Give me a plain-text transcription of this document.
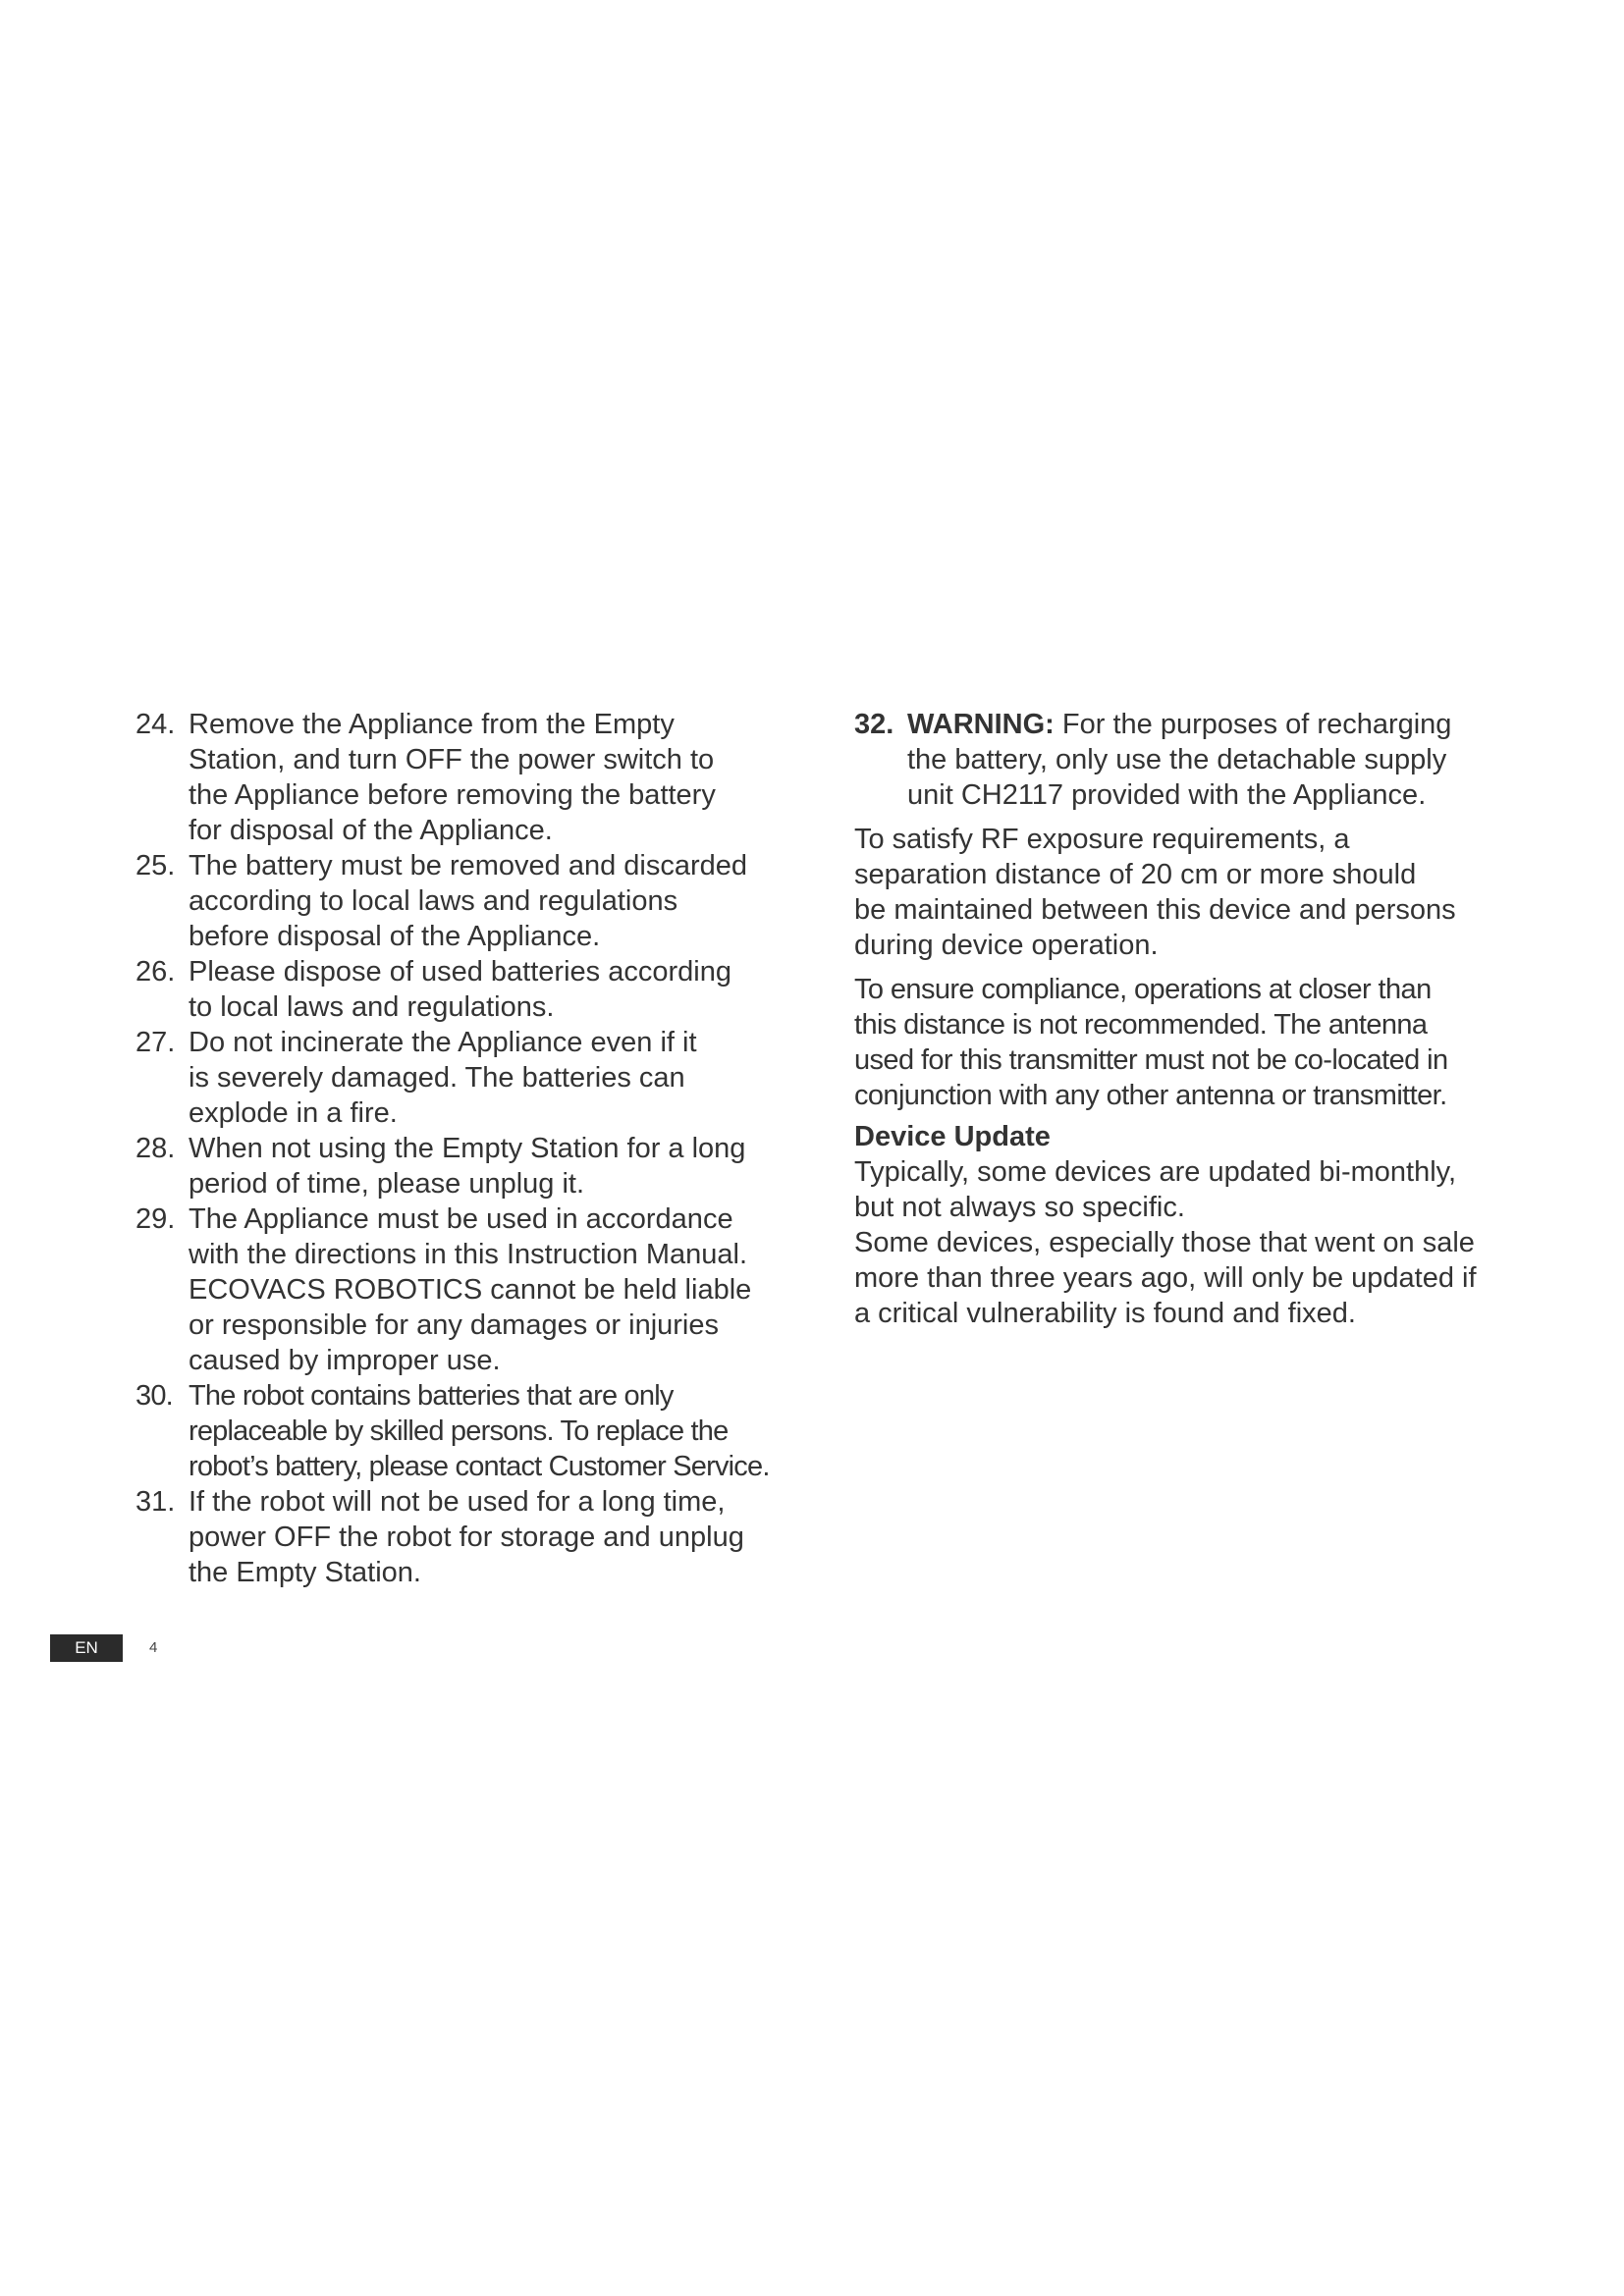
24. Remove the Appliance from the Empty
Station, and turn OFF the power switch to
the Appliance before removing the battery
for disposal of the Appliance.
25. The battery must be removed and discarded
according to local laws and regulations
before disposal of the Appliance.
26. Please dispose of used batteries according
to local laws and regulations.
27. Do not incinerate the Appliance even if it
is severely damaged. The batteries can
explode in a fire.
28. When not using the Empty Station for a long
period of time, please unplug it.
29. The Appliance must be used in accordance
with the directions in this Instruction Manual.
ECOVACS ROBOTICS cannot be held liable
or responsible for any damages or injuries
caused by improper use.
30. The robot contains batteries that are only
replaceable by skilled persons. To replace the
robot’s battery, please contact Customer Service.
31. If the robot will not be used for a long time,
power OFF the robot for storage and unplug
the Empty Station.
32. WARNING: For the purposes of recharging
the battery, only use the detachable supply
unit CH2117 provided with the Appliance.
To satisfy RF exposure requirements, a
separation distance of 20 cm or more should
be maintained between this device and persons
during device operation.
To ensure compliance, operations at closer than
this distance is not recommended. The antenna
used for this transmitter must not be co-located in
conjunction with any other antenna or transmitter.
Device Update
Typically, some devices are updated bi-monthly,
but not always so specific.
Some devices, especially those that went on sale
more than three years ago, will only be updated if
a critical vulnerability is found and fixed.
EN	4
